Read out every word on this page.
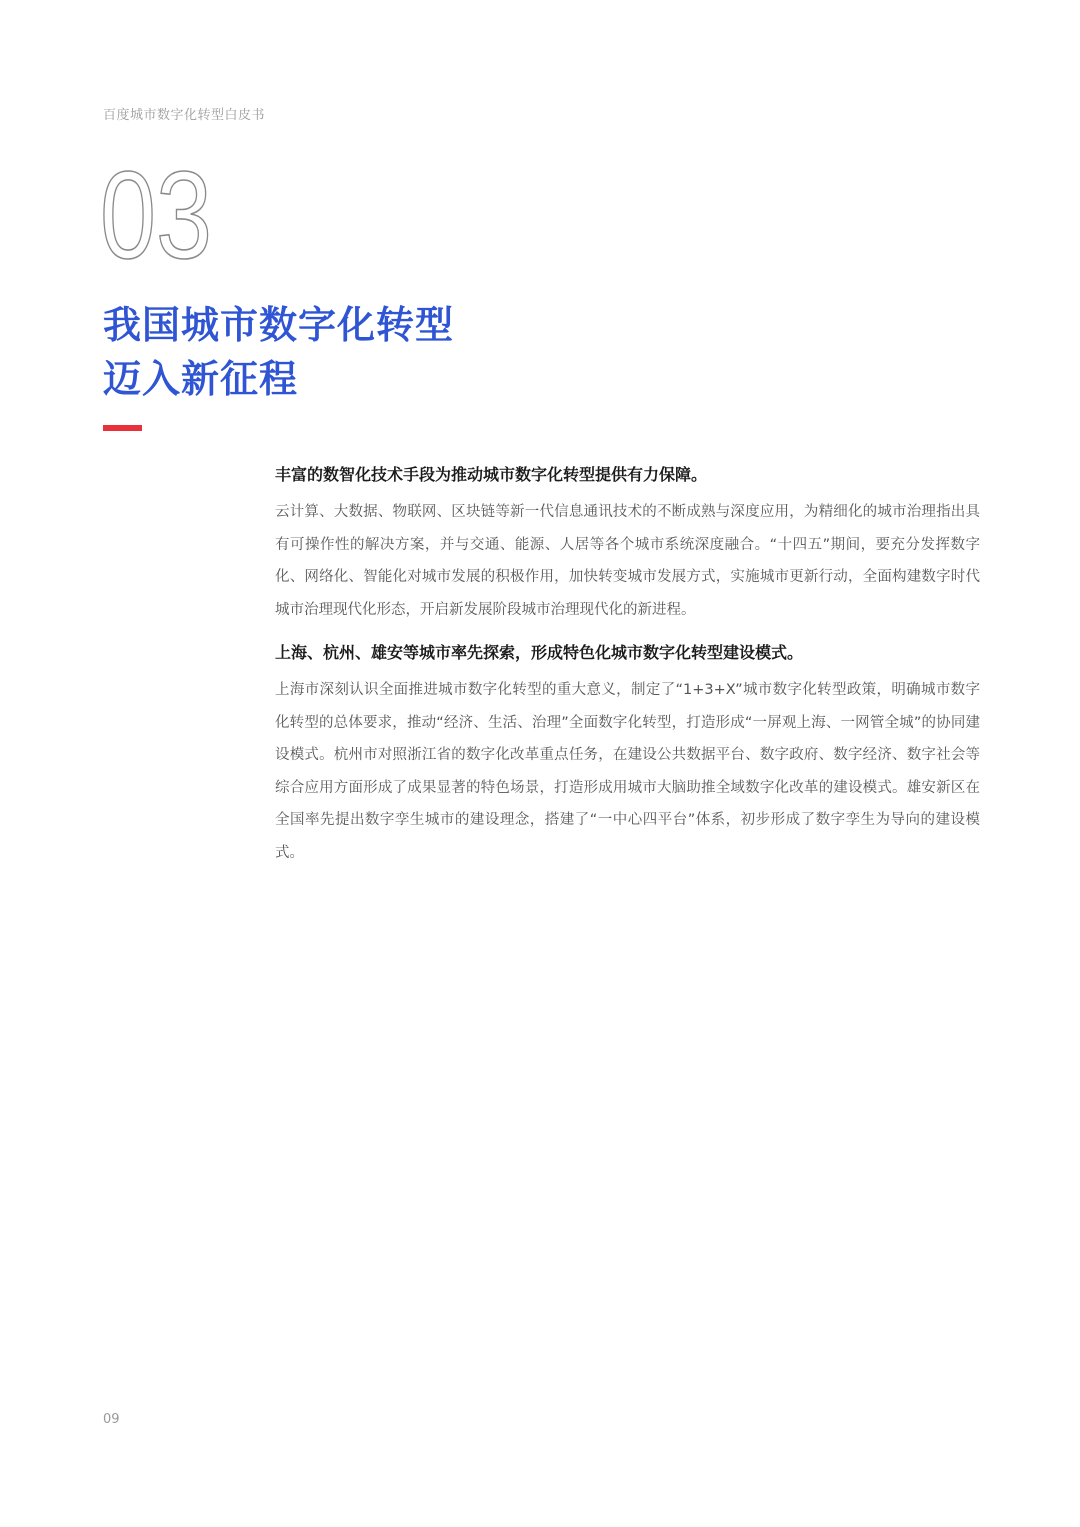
百度城市数字化转型白皮书
03
我国城市数字化转型
迈入新征程
丰富的数智化技术手段为推动城市数字化转型提供有力保障。

云计算、大数据、物联网、区块链等新一代信息通讯技术的不断成熟与深度应用，为精细化的城市治理指出具有可操作性的解决方案，并与交通、能源、人居等各个城市系统深度融合。“十四五”期间，要充分发挥数字化、网络化、智能化对城市发展的积极作用，加快转变城市发展方式，实施城市更新行动，全面构建数字时代城市治理现代化形态，开启新发展阶段城市治理现代化的新进程。

上海、杭州、雄安等城市率先探索，形成特色化城市数字化转型建设模式。

上海市深刻认识全面推进城市数字化转型的重大意义，制定了“1+3+X”城市数字化转型政策，明确城市数字化转型的总体要求，推动“经济、生活、治理”全面数字化转型，打造形成“一屏观上海、一网管全城”的协同建设模式。杭州市对照浙江省的数字化改革重点任务，在建设公共数据平台、数字政府、数字经济、数字社会等综合应用方面形成了成果显著的特色场景，打造形成用城市大脑助推全域数字化改革的建设模式。雄安新区在全国率先提出数字孪生城市的建设理念，搭建了“一中心四平台”体系，初步形成了数字孪生为导向的建设模式。

09
